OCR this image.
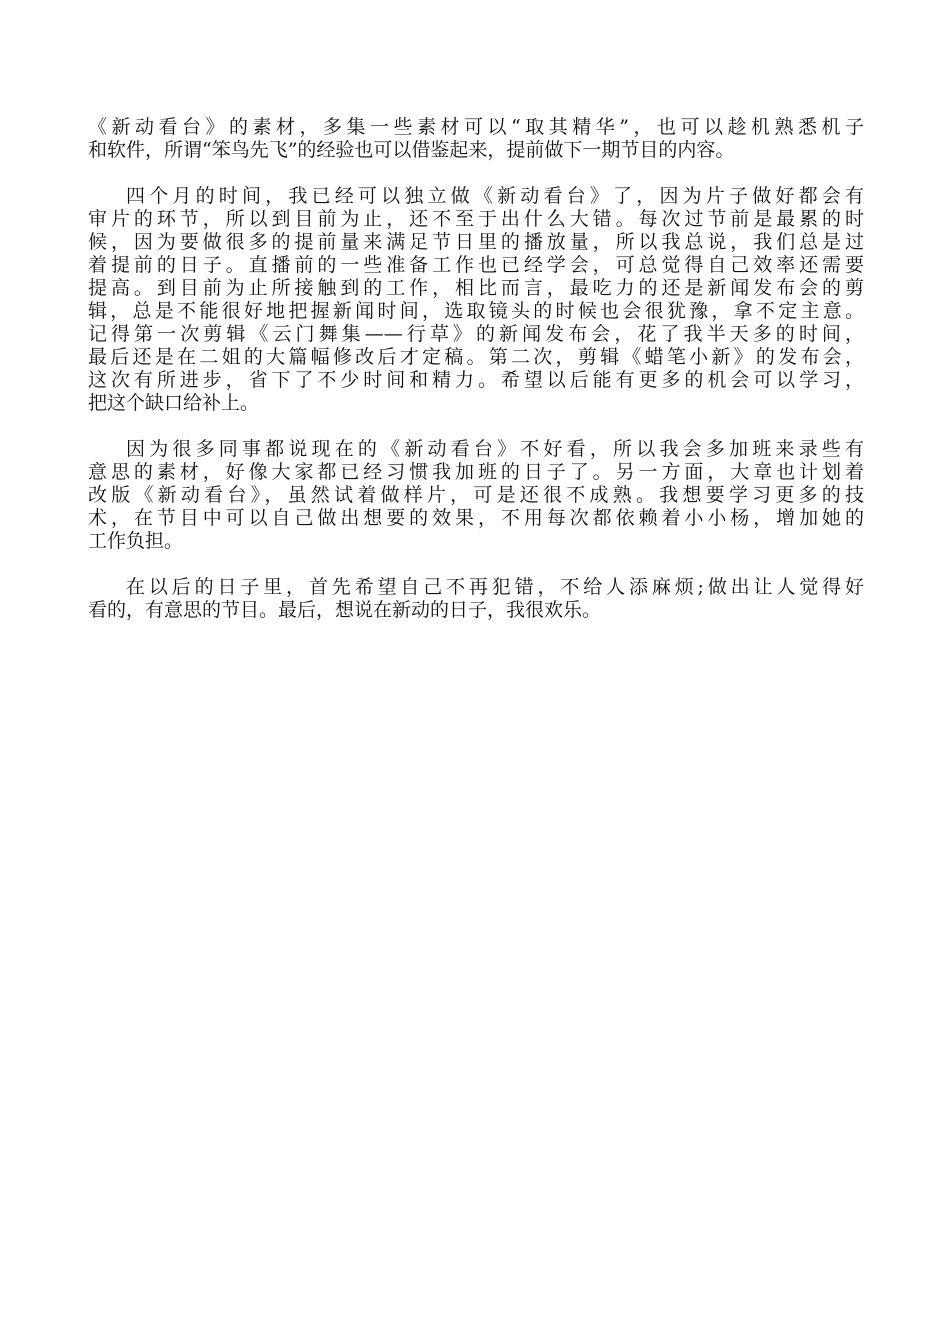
《新动看台》的素材，多集一些素材可以“取其精华”，也可以趁机熟悉机子
和软件，所谓“笨鸟先飞”的经验也可以借鉴起来，提前做下一期节目的内容。
四个月的时间，我已经可以独立做《新动看台》了，因为片子做好都会有
审片的环节，所以到目前为止，还不至于出什么大错。每次过节前是最累的时
候，因为要做很多的提前量来满足节日里的播放量，所以我总说，我们总是过
着提前的日子。直播前的一些准备工作也已经学会，可总觉得自己效率还需要
提高。到目前为止所接触到的工作，相比而言，最吃力的还是新闻发布会的剪
辑，总是不能很好地把握新闻时间，选取镜头的时候也会很犹豫，拿不定主意。
记得第一次剪辑《云门舞集——行草》的新闻发布会，花了我半天多的时间，
最后还是在二姐的大篇幅修改后才定稿。第二次，剪辑《蜡笔小新》的发布会，
这次有所进步，省下了不少时间和精力。希望以后能有更多的机会可以学习，
把这个缺口给补上。
因为很多同事都说现在的《新动看台》不好看，所以我会多加班来录些有
意思的素材，好像大家都已经习惯我加班的日子了。另一方面，大章也计划着
改版《新动看台》，虽然试着做样片，可是还很不成熟。我想要学习更多的技
术，在节目中可以自己做出想要的效果，不用每次都依赖着小小杨，增加她的
工作负担。
在以后的日子里，首先希望自己不再犯错，不给人添麻烦;做出让人觉得好
看的，有意思的节目。最后，想说在新动的日子，我很欢乐。
